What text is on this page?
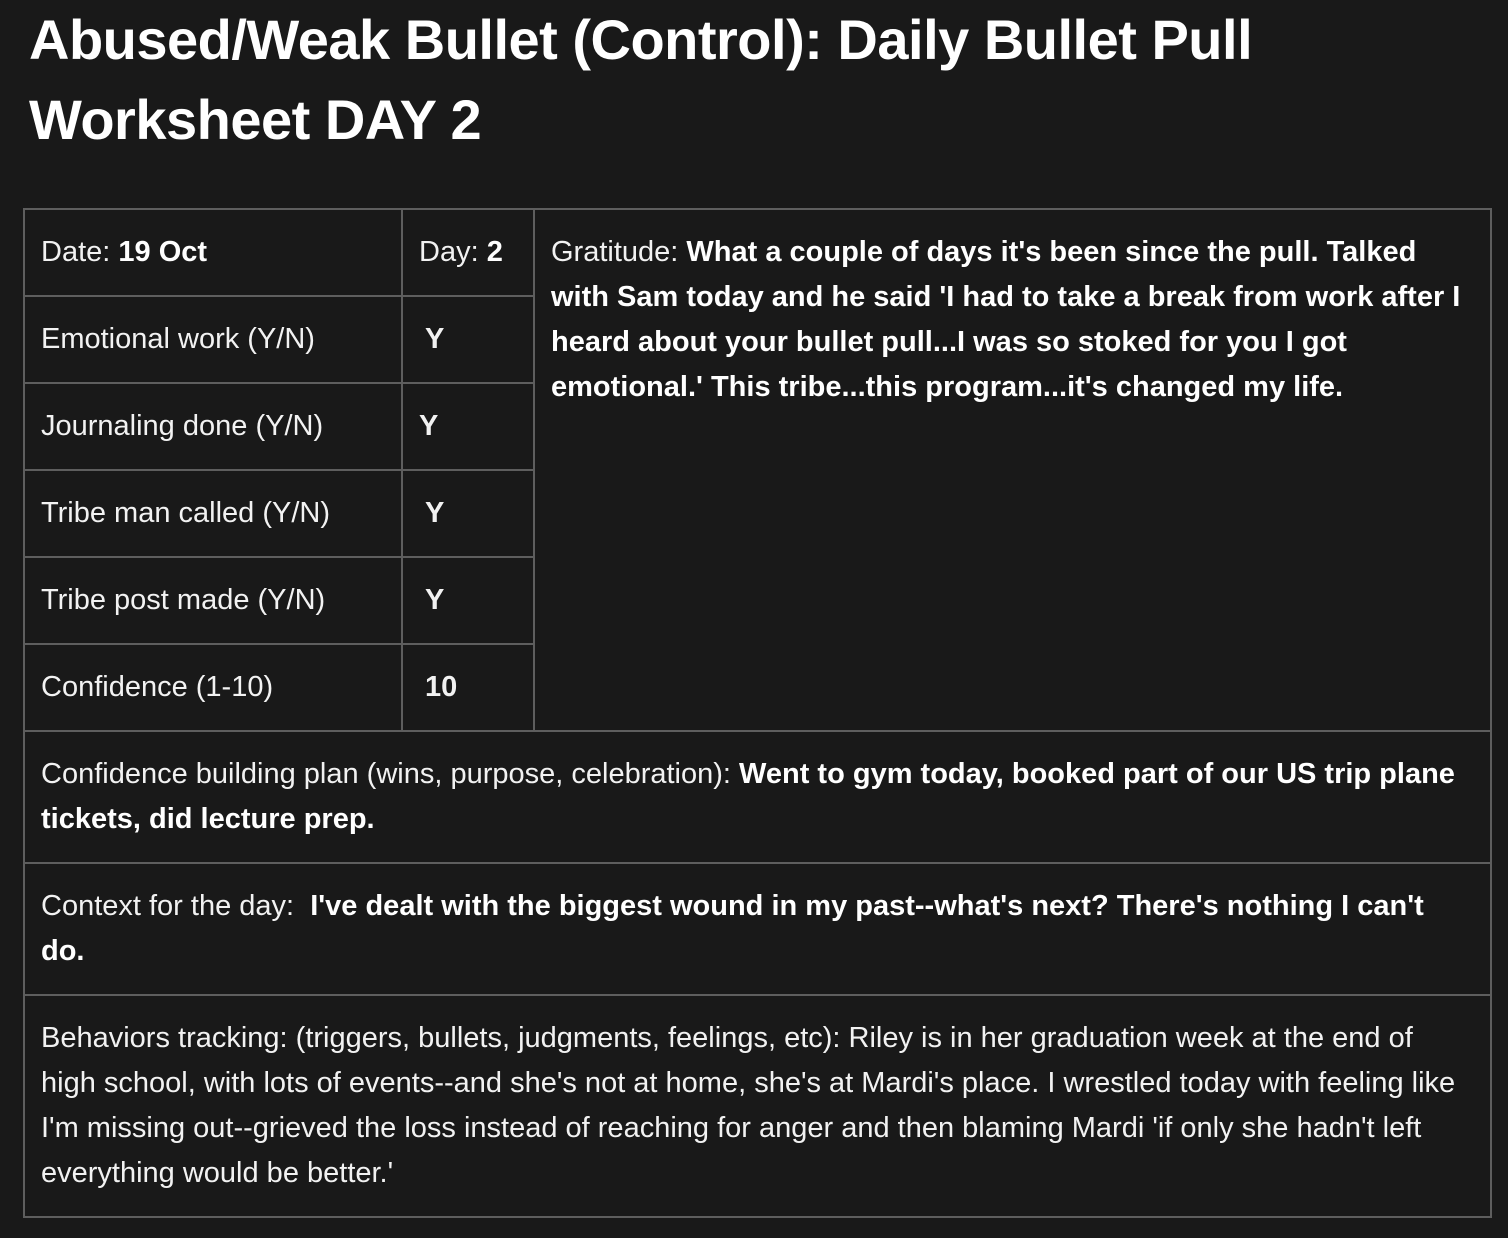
Abused/Weak Bullet (Control): Daily Bullet Pull Worksheet DAY 2
Date: 19 Oct	Day: 2	Gratitude: What a couple of days it's been since the pull. Talked with Sam today and he said 'I had to take a break from work after I heard about your bullet pull...I was so stoked for you I got emotional.' This tribe...this program...it's changed my life.
Emotional work (Y/N)	Y	
Journaling done (Y/N)	Y	
Tribe man called (Y/N)	Y	
Tribe post made (Y/N)	Y	
Confidence (1-10)	10	
Confidence building plan (wins, purpose, celebration): Went to gym today, booked part of our US trip plane tickets, did lecture prep.		
Context for the day:  I've dealt with the biggest wound in my past--what's next? There's nothing I can't do.		
Behaviors tracking: (triggers, bullets, judgments, feelings, etc): Riley is in her graduation week at the end of high school, with lots of events--and she's not at home, she's at Mardi's place. I wrestled today with feeling like I'm missing out--grieved the loss instead of reaching for anger and then blaming Mardi 'if only she hadn't left everything would be better.'		
